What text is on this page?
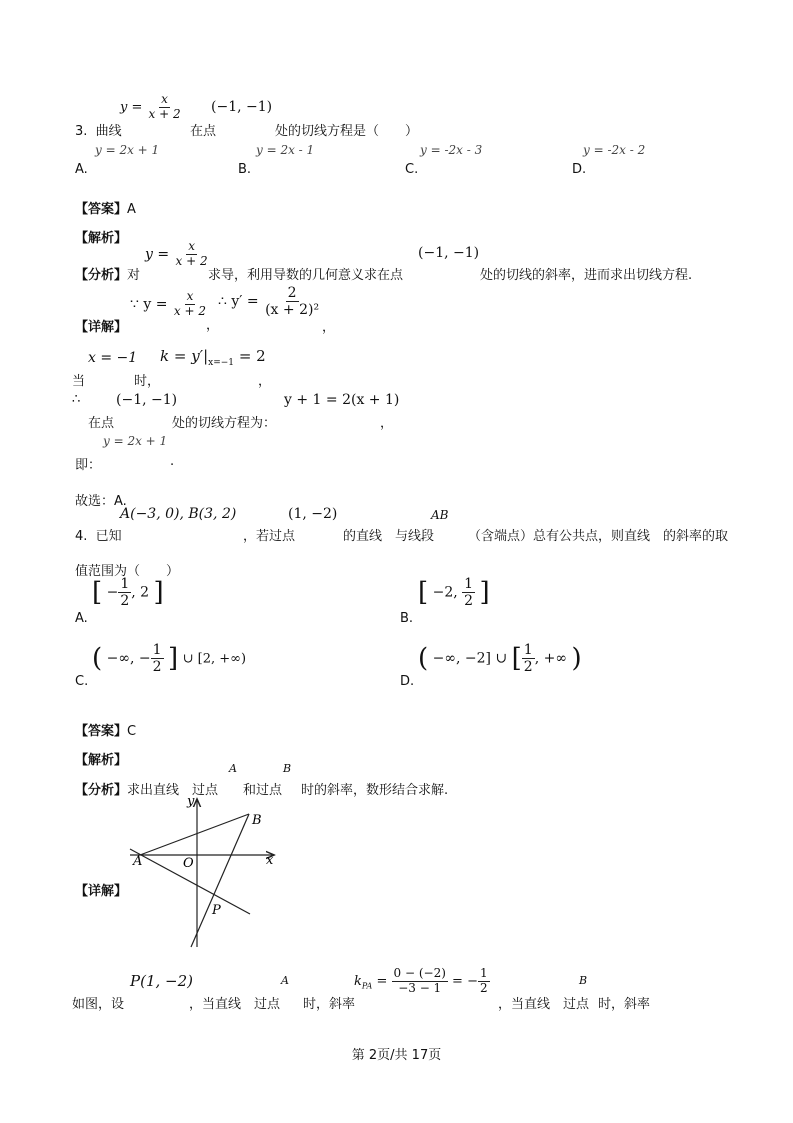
$y = \frac{x}{x + 2} (-1$, −1)
3. 曲线	在点	处的切线方程是（　　）
y = 2x + 1	y = 2x - 1	y = -2x - 3	y = -2x - 2
A.	B.	C.	D.
【答案】A
【解析】
$y = \frac{x}{x + 2}$	(−1, −1)
【分析】对	求导，利用导数的几何意义求在点	处的切线的斜率，进而求出切线方程.
∵ $y = \frac{x}{x + 2}$
，
∴ $y' = \frac{2}{\text{(x + 2)²}}$
，
【详解】
x = −1 $k = y'|_{x=-1} = 2$
当	时，	，
∴	(−1, −1)	y + 1 = 2(x + 1)
在点	处的切线方程为：	，
y = 2x + 1
即：	.
故选：A.
A(−3, 0), B(3, 2)	(1, −2)	AB
4. 已知	，若过点	的直线　与线段	（含端点）总有公共点，则直线　的斜率的取
值范围为（　　）
[ − $\frac{1}{2}$ , 2 ]
A.
[ −2, $\frac{1}{2}$ ]
B.
( −∞, − $\frac{1}{2}$ ] ∪ [2, +∞)
C.
( −∞, −2] ∪ [ $\frac{1}{2}$ , +∞ )
D.
【答案】C
【解析】
A	B
【分析】求出直线　过点 和过点 时的斜率，数形结合求解.
y
x
A	O
B
P
【详解】
P(1, −2)	A	$k_{PA} = \frac{0 - (-2)}{-3 - 1}$ = − $\frac{1}{2}$	B
如图，设	，当直线　过点 时，斜率	，当直线　过点 时，斜率
第 2页/共 17页
